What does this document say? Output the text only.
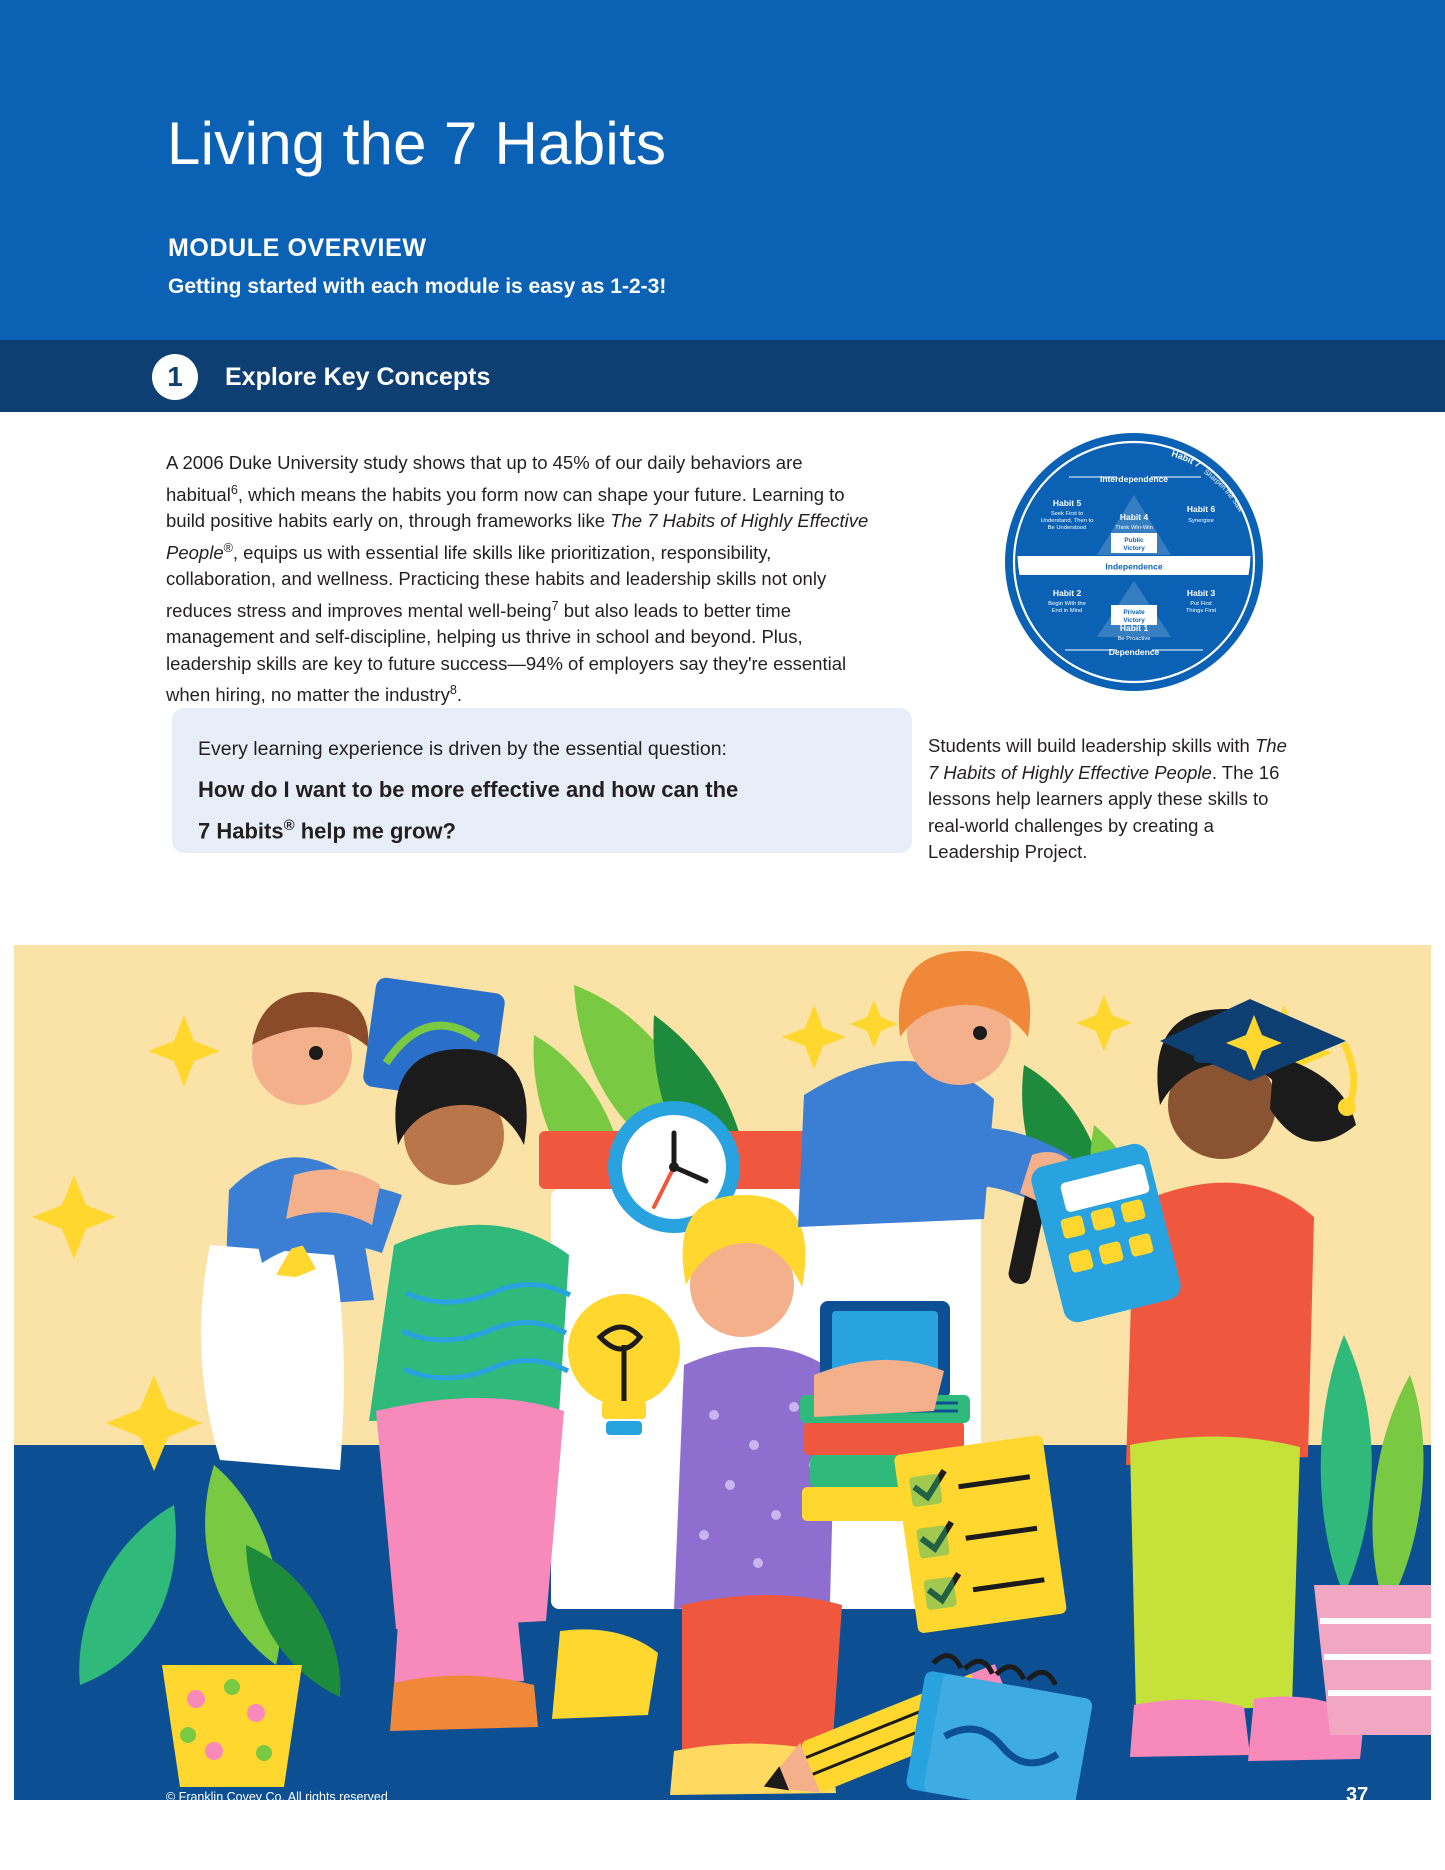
Living the 7 Habits
MODULE OVERVIEW
Getting started with each module is easy as 1-2-3!
1	Explore Key Concepts
A 2006 Duke University study shows that up to 45% of our daily behaviors are habitual$^6$, which means the habits you form now can shape your future. Learning to build positive habits early on, through frameworks like The 7 Habits of Highly Effective People®, equips us with essential life skills like prioritization, responsibility, collaboration, and wellness. Practicing these habits and leadership skills not only reduces stress and improves mental well-being$^7$ but also leads to better time management and self-discipline, helping us thrive in school and beyond. Plus, leadership skills are key to future success—94% of employers say they're essential when hiring, no matter the industry$^8$.
Every learning experience is driven by the essential question:
How do I want to be more effective and how can the
7 Habits® help me grow?
Students will build leadership skills with The 7 Habits of Highly Effective People. The 16 lessons help learners apply these skills to real-world challenges by creating a Leadership Project.
Independence
Interdependence
Dependence
Public
Victory
Private
Victory
Habit 7
Sharpen the Saw
Habit 5
Seek First to
Understand, Then to
Be Understood
Habit 6
Synergize
Habit 4
Think Win-Win
Habit 2
Begin With the
End in Mind
Habit 3
Put First
Things First
Habit 1
Be Proactive
© Franklin Covey Co. All rights reserved	37
